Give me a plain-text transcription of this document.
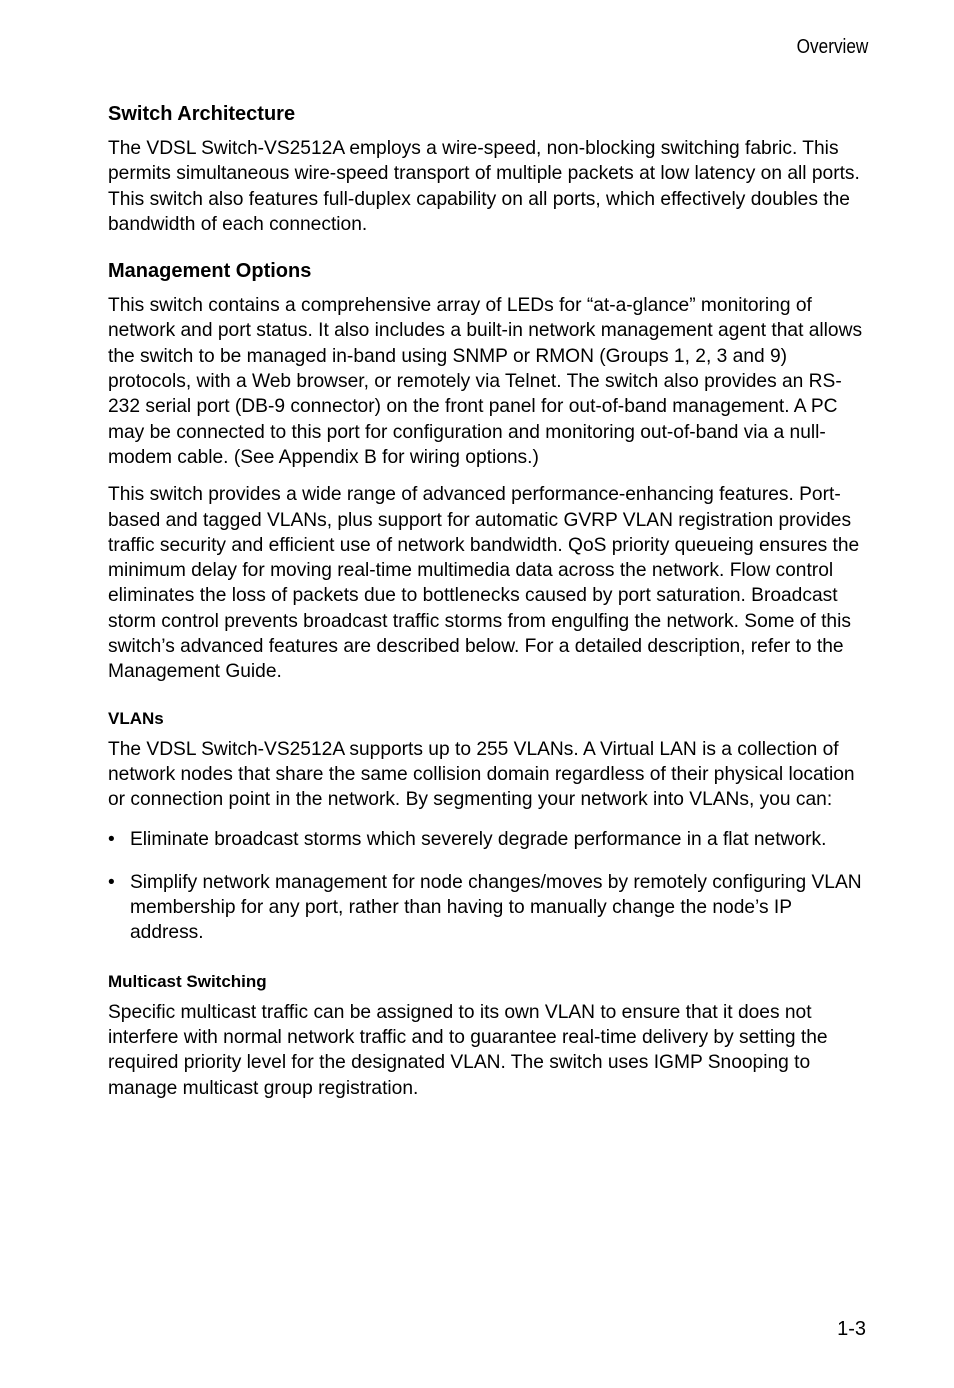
Overview
Switch Architecture

The VDSL Switch-VS2512A employs a wire-speed, non-blocking switching fabric. This permits simultaneous wire-speed transport of multiple packets at low latency on all ports. This switch also features full-duplex capability on all ports, which effectively doubles the bandwidth of each connection.

Management Options

This switch contains a comprehensive array of LEDs for “at-a-glance” monitoring of network and port status. It also includes a built-in network management agent that allows the switch to be managed in-band using SNMP or RMON (Groups 1, 2, 3 and 9) protocols, with a Web browser, or remotely via Telnet. The switch also provides an RS-232 serial port (DB-9 connector) on the front panel for out-of-band management. A PC may be connected to this port for configuration and monitoring out-of-band via a null-modem cable. (See Appendix B for wiring options.)

This switch provides a wide range of advanced performance-enhancing features. Port-based and tagged VLANs, plus support for automatic GVRP VLAN registration provides traffic security and efficient use of network bandwidth. QoS priority queueing ensures the minimum delay for moving real-time multimedia data across the network. Flow control eliminates the loss of packets due to bottlenecks caused by port saturation. Broadcast storm control prevents broadcast traffic storms from engulfing the network. Some of this switch’s advanced features are described below. For a detailed description, refer to the Management Guide.

VLANs

The VDSL Switch-VS2512A supports up to 255 VLANs. A Virtual LAN is a collection of network nodes that share the same collision domain regardless of their physical location or connection point in the network. By segmenting your network into VLANs, you can:

• Eliminate broadcast storms which severely degrade performance in a flat network.
• Simplify network management for node changes/moves by remotely configuring VLAN membership for any port, rather than having to manually change the node’s IP address.
Multicast Switching

Specific multicast traffic can be assigned to its own VLAN to ensure that it does not interfere with normal network traffic and to guarantee real-time delivery by setting the required priority level for the designated VLAN. The switch uses IGMP Snooping to manage multicast group registration.

1-3
